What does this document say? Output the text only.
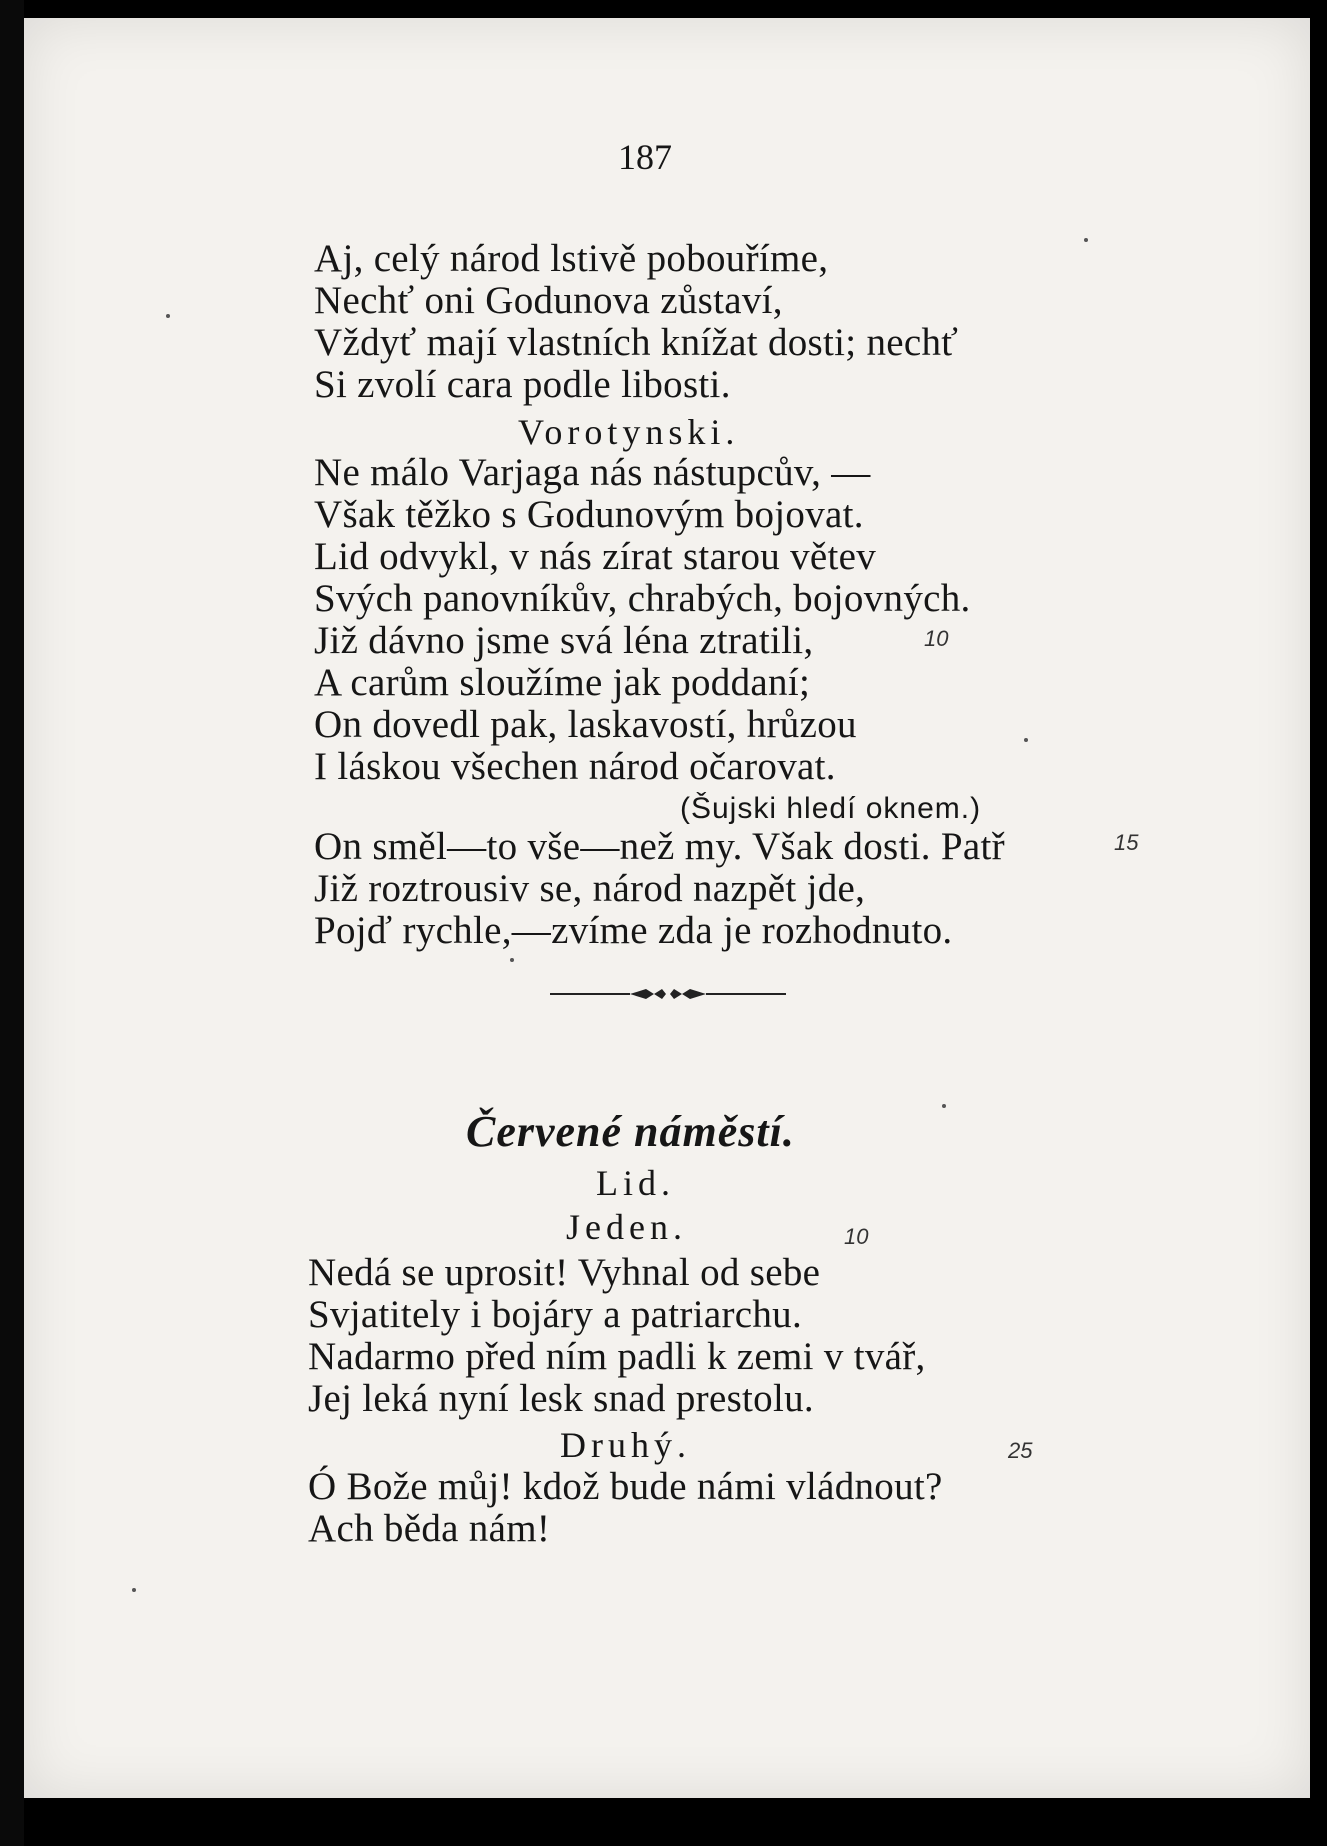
187
Aj, celý národ lstivě pobouříme,
Nechť oni Godunova zůstaví,
Vždyť mají vlastních knížat dosti; nechť
Si zvolí cara podle libosti.
Vorotynski.
Ne málo Varjaga nás nástupcův, —
Však těžko s Godunovým bojovat.
Lid odvykl, v nás zírat starou větev
Svých panovníkův, chrabých, bojovných.
Již dávno jsme svá léna ztratili,
A carům sloužíme jak poddaní;
On dovedl pak, laskavostí, hrůzou
I láskou všechen národ očarovat.
(Šujski hledí oknem.)
On směl—to vše—než my. Však dosti. Patř
Již roztrousiv se, národ nazpět jde,
Pojď rychle,—zvíme zda je rozhodnuto.
Červené náměstí.
Lid.
Jeden.
Nedá se uprosit! Vyhnal od sebe
Svjatitely i bojáry a patriarchu.
Nadarmo před ním padli k zemi v tvář,
Jej leká nyní lesk snad prestolu.
Druhý.
Ó Bože můj! kdož bude námi vládnout?
Ach běda nám!
10
15
10
25
